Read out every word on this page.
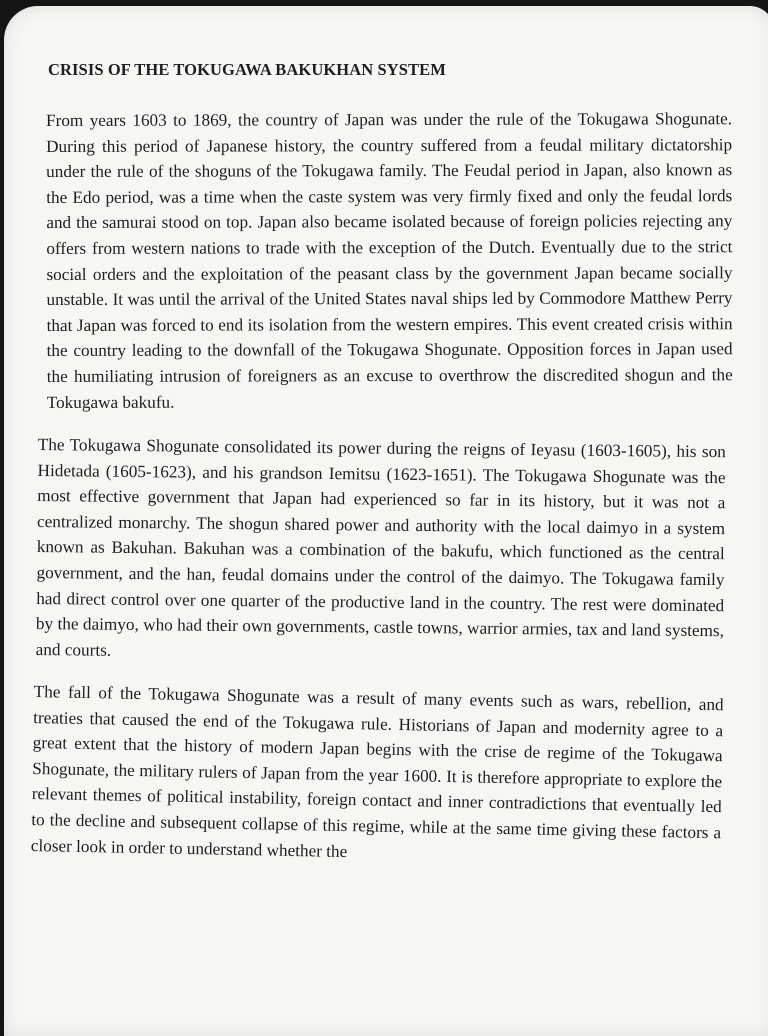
CRISIS OF THE TOKUGAWA BAKUKHAN SYSTEM

From years 1603 to 1869, the country of Japan was under the rule of the Tokugawa Shogunate. During this period of Japanese history, the country suffered from a feudal military dictatorship under the rule of the shoguns of the Tokugawa family. The Feudal period in Japan, also known as the Edo period, was a time when the caste system was very firmly fixed and only the feudal lords and the samurai stood on top. Japan also became isolated because of foreign policies rejecting any offers from western nations to trade with the exception of the Dutch. Eventually due to the strict social orders and the exploitation of the peasant class by the government Japan became socially unstable. It was until the arrival of the United States naval ships led by Commodore Matthew Perry that Japan was forced to end its isolation from the western empires. This event created crisis within the country leading to the downfall of the Tokugawa Shogunate. Opposition forces in Japan used the humiliating intrusion of foreigners as an excuse to overthrow the discredited shogun and the Tokugawa bakufu.

The Tokugawa Shogunate consolidated its power during the reigns of Ieyasu (1603-1605), his son Hidetada (1605-1623), and his grandson Iemitsu (1623-1651). The Tokugawa Shogunate was the most effective government that Japan had experienced so far in its history, but it was not a centralized monarchy. The shogun shared power and authority with the local daimyo in a system known as Bakuhan. Bakuhan was a combination of the bakufu, which functioned as the central government, and the han, feudal domains under the control of the daimyo. The Tokugawa family had direct control over one quarter of the productive land in the country. The rest were dominated by the daimyo, who had their own governments, castle towns, warrior armies, tax and land systems, and courts.

The fall of the Tokugawa Shogunate was a result of many events such as wars, rebellion, and treaties that caused the end of the Tokugawa rule. Historians of Japan and modernity agree to a great extent that the history of modern Japan begins with the crise de regime of the Tokugawa Shogunate, the military rulers of Japan from the year 1600. It is therefore appropriate to explore the relevant themes of political instability, foreign contact and inner contradictions that eventually led to the decline and subsequent collapse of this regime, while at the same time giving these factors a closer look in order to understand whether the
